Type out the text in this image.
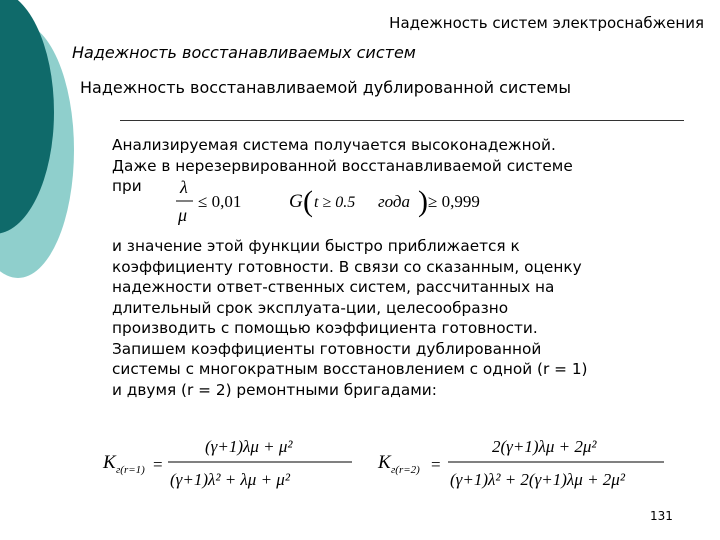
Надежность систем электроснабжения
Надежность восстанавливаемых систем
Надежность восстанавливаемой дублированной системы
Анализируемая система получается высоконадежной.
Даже в нерезервированной восстанавливаемой системе
при	λ
μ
≤ 0,01	G ( t ≥ 0.5 года ) ≥ 0,999
K г(r=1) =
(γ+1)λμ + μ²
(γ+1)λ² + λμ + μ²
K г(r=2) =
2(γ+1)λμ + 2μ²
(γ+1)λ² + 2(γ+1)λμ + 2μ²
и значение этой функции быстро приближается к
коэффициенту готовности. В связи со сказанным, оценку
надежности ответ-ственных систем, рассчитанных на
длительный срок эксплуата-ции, целесообразно
производить с помощью коэффициента готовности.
Запишем коэффициенты готовности дублированной
системы с многократным восстановлением с одной (r = 1)
и двумя (r = 2) ремонтными бригадами:
131
